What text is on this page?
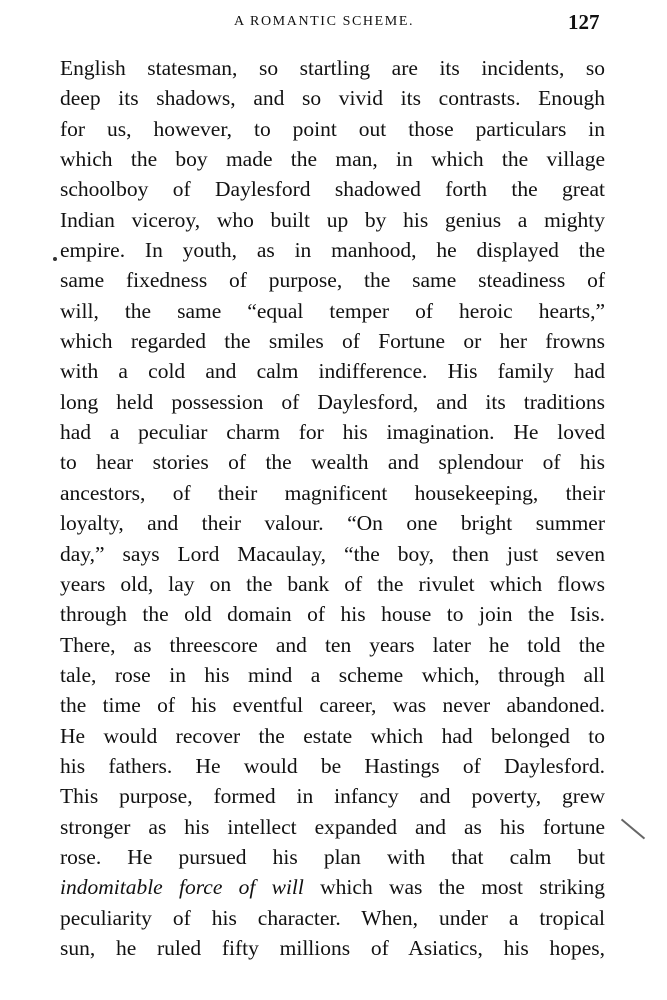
A ROMANTIC SCHEME.	127
English statesman, so startling are its incidents, so
deep its shadows, and so vivid its contrasts. Enough
for us, however, to point out those particulars in
which the boy made the man, in which the village
schoolboy of Daylesford shadowed forth the great
Indian viceroy, who built up by his genius a mighty
empire. In youth, as in manhood, he displayed the
same fixedness of purpose, the same steadiness of
will, the same “equal temper of heroic hearts,”
which regarded the smiles of Fortune or her frowns
with a cold and calm indifference. His family had
long held possession of Daylesford, and its traditions
had a peculiar charm for his imagination. He loved
to hear stories of the wealth and splendour of his
ancestors, of their magnificent housekeeping, their
loyalty, and their valour. “On one bright summer
day,” says Lord Macaulay, “the boy, then just seven
years old, lay on the bank of the rivulet which flows
through the old domain of his house to join the Isis.
There, as threescore and ten years later he told the
tale, rose in his mind a scheme which, through all
the time of his eventful career, was never abandoned.
He would recover the estate which had belonged to
his fathers. He would be Hastings of Daylesford.
This purpose, formed in infancy and poverty, grew
stronger as his intellect expanded and as his fortune
rose. He pursued his plan with that calm but
indomitable force of will which was the most striking
peculiarity of his character. When, under a tropical
sun, he ruled fifty millions of Asiatics, his hopes,
